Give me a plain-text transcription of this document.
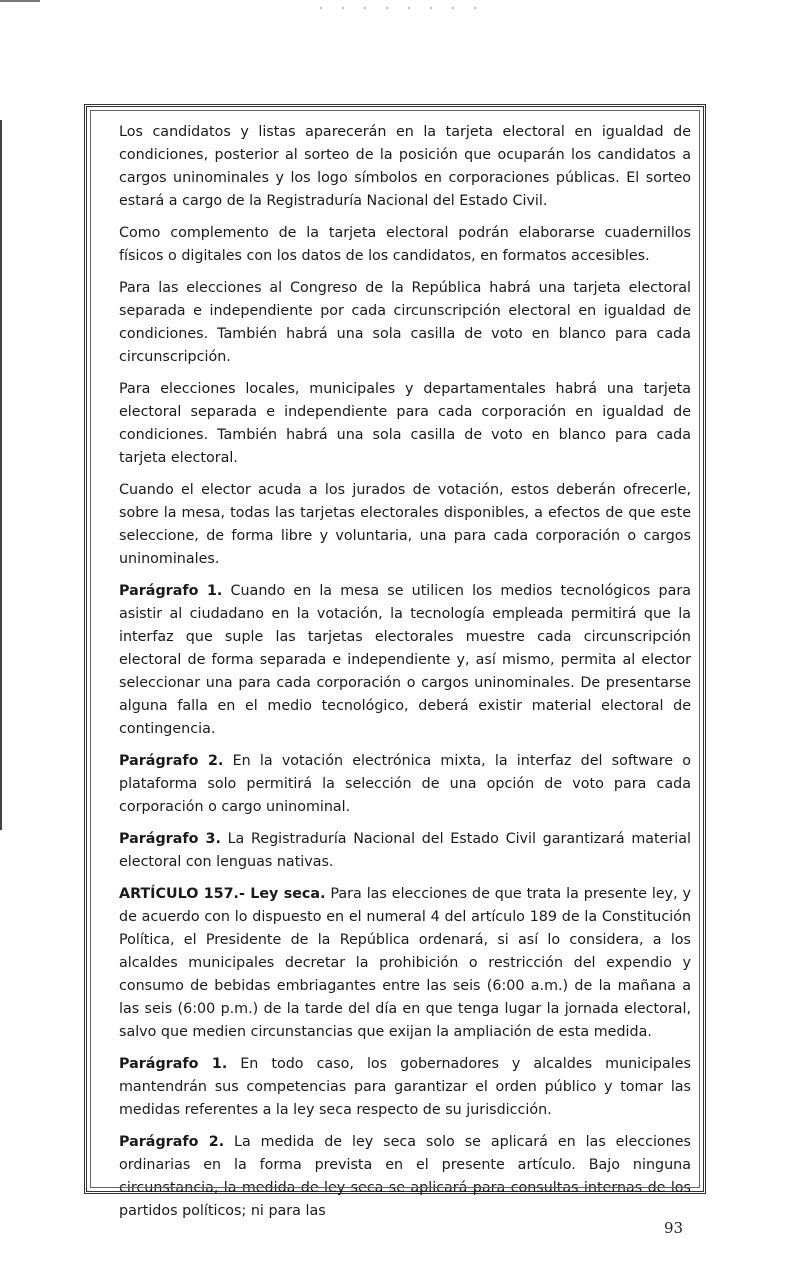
Los candidatos y listas aparecerán en la tarjeta electoral en igualdad de condiciones, posterior al sorteo de la posición que ocuparán los candidatos a cargos uninominales y los logo símbolos en corporaciones públicas. El sorteo estará a cargo de la Registraduría Nacional del Estado Civil.

Como complemento de la tarjeta electoral podrán elaborarse cuadernillos físicos o digitales con los datos de los candidatos, en formatos accesibles.

Para las elecciones al Congreso de la República habrá una tarjeta electoral separada e independiente por cada circunscripción electoral en igualdad de condiciones. También habrá una sola casilla de voto en blanco para cada circunscripción.

Para elecciones locales, municipales y departamentales habrá una tarjeta electoral separada e independiente para cada corporación en igualdad de condiciones. También habrá una sola casilla de voto en blanco para cada tarjeta electoral.

Cuando el elector acuda a los jurados de votación, estos deberán ofrecerle, sobre la mesa, todas las tarjetas electorales disponibles, a efectos de que este seleccione, de forma libre y voluntaria, una para cada corporación o cargos uninominales.

Parágrafo 1. Cuando en la mesa se utilicen los medios tecnológicos para asistir al ciudadano en la votación, la tecnología empleada permitirá que la interfaz que suple las tarjetas electorales muestre cada circunscripción electoral de forma separada e independiente y, así mismo, permita al elector seleccionar una para cada corporación o cargos uninominales. De presentarse alguna falla en el medio tecnológico, deberá existir material electoral de contingencia.

Parágrafo 2. En la votación electrónica mixta, la interfaz del software o plataforma solo permitirá la selección de una opción de voto para cada corporación o cargo uninominal.

Parágrafo 3. La Registraduría Nacional del Estado Civil garantizará material electoral con lenguas nativas.

ARTÍCULO 157.- Ley seca. Para las elecciones de que trata la presente ley, y de acuerdo con lo dispuesto en el numeral 4 del artículo 189 de la Constitución Política, el Presidente de la República ordenará, si así lo considera, a los alcaldes municipales decretar la prohibición o restricción del expendio y consumo de bebidas embriagantes entre las seis (6:00 a.m.) de la mañana a las seis (6:00 p.m.) de la tarde del día en que tenga lugar la jornada electoral, salvo que medien circunstancias que exijan la ampliación de esta medida.

Parágrafo 1. En todo caso, los gobernadores y alcaldes municipales mantendrán sus competencias para garantizar el orden público y tomar las medidas referentes a la ley seca respecto de su jurisdicción.

Parágrafo 2. La medida de ley seca solo se aplicará en las elecciones ordinarias en la forma prevista en el presente artículo. Bajo ninguna circunstancia, la medida de ley seca se aplicará para consultas internas de los partidos políticos; ni para las

93
